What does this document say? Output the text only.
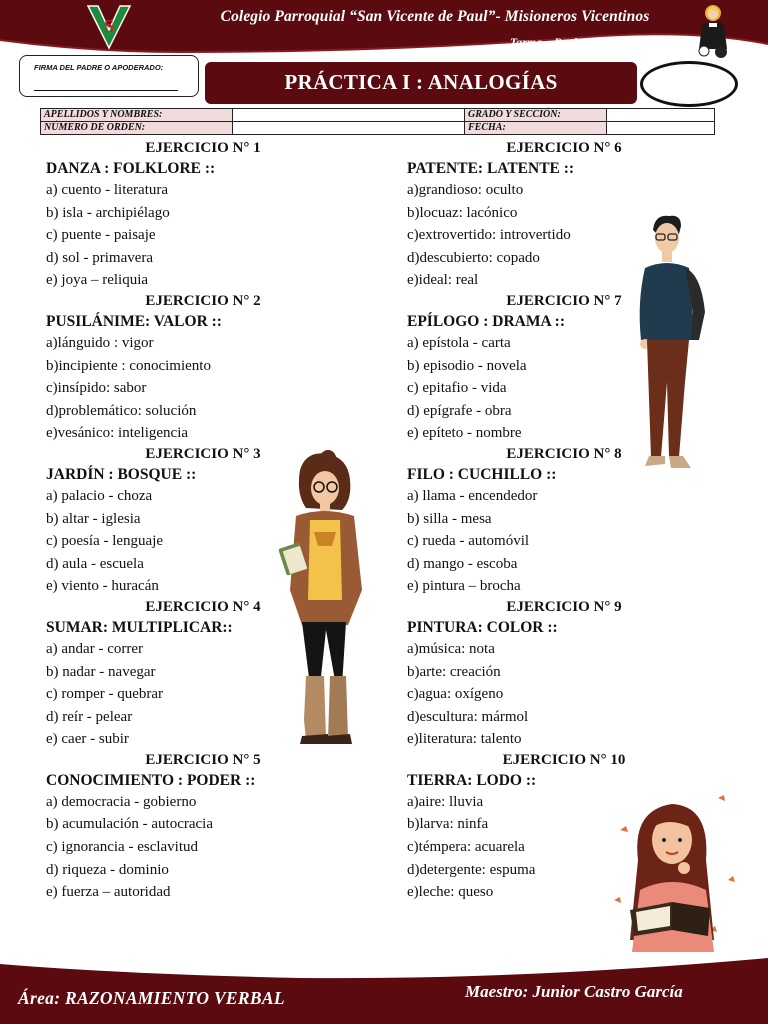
S	Colegio Parroquial “San Vicente de Paul”- Misioneros Vicentinos
Tarma – Perú 2022
FIRMA DEL PADRE O APODERADO:
PRÁCTICA I : ANALOGÍAS
APELLIDOS Y NOMBRES:		GRADO Y SECCIÓN:	
NÚMERO DE ORDEN:		FECHA:	
EJERCICIO N° 1
DANZA : FOLKLORE ::
a) cuento - literatura
b) isla - archipiélago
c) puente - paisaje
d) sol - primavera
e) joya – reliquia
EJERCICIO N° 2
PUSILÁNIME: VALOR ::
a)lánguido : vigor
b)incipiente : conocimiento
c)insípido: sabor
d)problemático: solución
e)vesánico: inteligencia
EJERCICIO N° 3
JARDÍN : BOSQUE ::
a) palacio - choza
b) altar - iglesia
c) poesía - lenguaje
d) aula - escuela
e) viento - huracán
EJERCICIO N° 4
SUMAR: MULTIPLICAR::
a) andar - correr
b) nadar - navegar
c) romper - quebrar
d) reír - pelear
e) caer - subir
EJERCICIO N° 5
CONOCIMIENTO : PODER ::
a) democracia - gobierno
b) acumulación - autocracia
c) ignorancia - esclavitud
d) riqueza - dominio
e) fuerza – autoridad
EJERCICIO N° 6
PATENTE: LATENTE ::
a)grandioso: oculto
b)locuaz: lacónico
c)extrovertido: introvertido
d)descubierto: copado
e)ideal: real
EJERCICIO N° 7
EPÍLOGO : DRAMA ::
a) epístola - carta
b) episodio - novela
c) epitafio - vida
d) epígrafe - obra
e) epíteto - nombre
EJERCICIO N° 8
FILO : CUCHILLO ::
a) llama - encendedor
b) silla - mesa
c) rueda - automóvil
d) mango - escoba
e) pintura – brocha
EJERCICIO N° 9
PINTURA: COLOR ::
a)música: nota
b)arte: creación
c)agua: oxígeno
d)escultura: mármol
e)literatura: talento
EJERCICIO N° 10
TIERRA: LODO ::
a)aire: lluvia
b)larva: ninfa
c)témpera: acuarela
d)detergente: espuma
e)leche: queso
Área: RAZONAMIENTO VERBAL	Maestro: Junior Castro García
